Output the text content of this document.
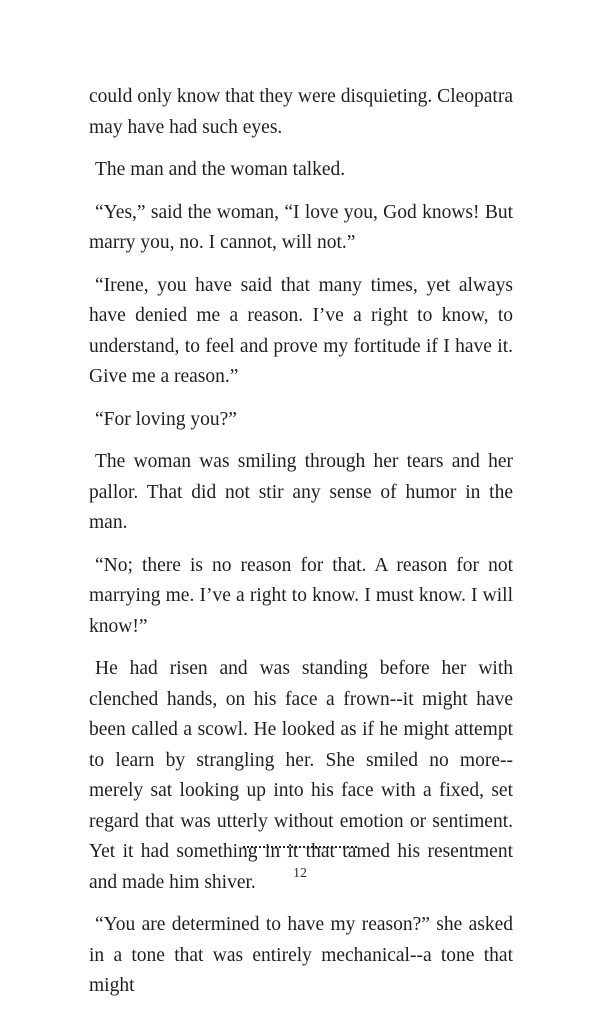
could only know that they were disquieting. Cleopatra may have had such eyes.

The man and the woman talked.

“Yes,” said the woman, “I love you, God knows! But marry you, no. I cannot, will not.”

“Irene, you have said that many times, yet always have denied me a reason. I’ve a right to know, to understand, to feel and prove my fortitude if I have it. Give me a reason.”

“For loving you?”

The woman was smiling through her tears and her pallor. That did not stir any sense of humor in the man.

“No; there is no reason for that. A reason for not marrying me. I’ve a right to know. I must know. I will know!”

He had risen and was standing before her with clenched hands, on his face a frown--it might have been called a scowl. He looked as if he might attempt to learn by strangling her. She smiled no more--merely sat looking up into his face with a fixed, set regard that was utterly without emotion or sentiment. Yet it had something in it that tamed his resentment and made him shiver.

“You are determined to have my reason?” she asked in a tone that was entirely mechanical--a tone that might

12
